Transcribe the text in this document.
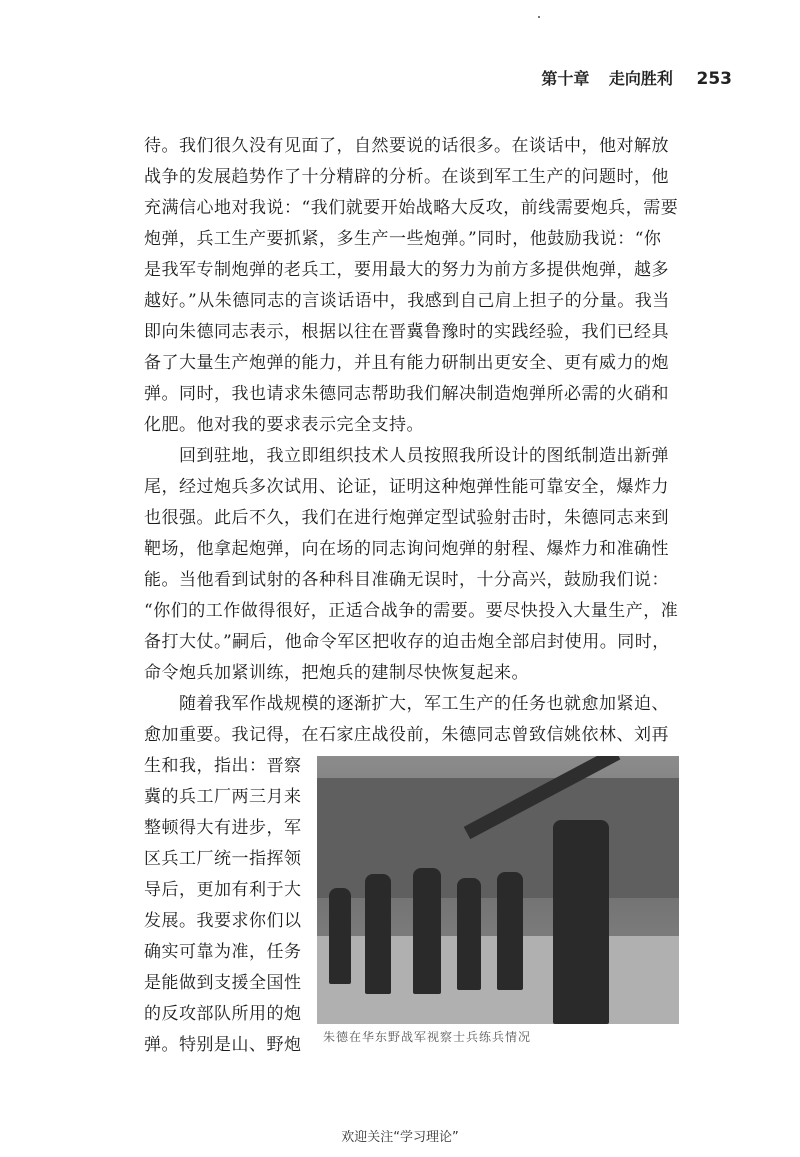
第十章 走向胜利 253
待。我们很久没有见面了，自然要说的话很多。在谈话中，他对解放
战争的发展趋势作了十分精辟的分析。在谈到军工生产的问题时，他
充满信心地对我说：“我们就要开始战略大反攻，前线需要炮兵，需要
炮弹，兵工生产要抓紧，多生产一些炮弹。”同时，他鼓励我说：“你
是我军专制炮弹的老兵工，要用最大的努力为前方多提供炮弹，越多
越好。”从朱德同志的言谈话语中，我感到自己肩上担子的分量。我当
即向朱德同志表示，根据以往在晋冀鲁豫时的实践经验，我们已经具
备了大量生产炮弹的能力，并且有能力研制出更安全、更有威力的炮
弹。同时，我也请求朱德同志帮助我们解决制造炮弹所必需的火硝和
化肥。他对我的要求表示完全支持。
　　回到驻地，我立即组织技术人员按照我所设计的图纸制造出新弹
尾，经过炮兵多次试用、论证，证明这种炮弹性能可靠安全，爆炸力
也很强。此后不久，我们在进行炮弹定型试验射击时，朱德同志来到
靶场，他拿起炮弹，向在场的同志询问炮弹的射程、爆炸力和准确性
能。当他看到试射的各种科目准确无误时，十分高兴，鼓励我们说：
“你们的工作做得很好，正适合战争的需要。要尽快投入大量生产，准
备打大仗。”嗣后，他命令军区把收存的迫击炮全部启封使用。同时，
命令炮兵加紧训练，把炮兵的建制尽快恢复起来。
　　随着我军作战规模的逐渐扩大，军工生产的任务也就愈加紧迫、
愈加重要。我记得，在石家庄战役前，朱德同志曾致信姚依林、刘再
生和我，指出：晋察
冀的兵工厂两三月来
整顿得大有进步，军
区兵工厂统一指挥领
导后，更加有利于大
发展。我要求你们以
确实可靠为准，任务
是能做到支援全国性
的反攻部队所用的炮
弹。特别是山、野炮 朱德在华东野战军视察士兵练兵情况
欢迎关注“学习理论”
